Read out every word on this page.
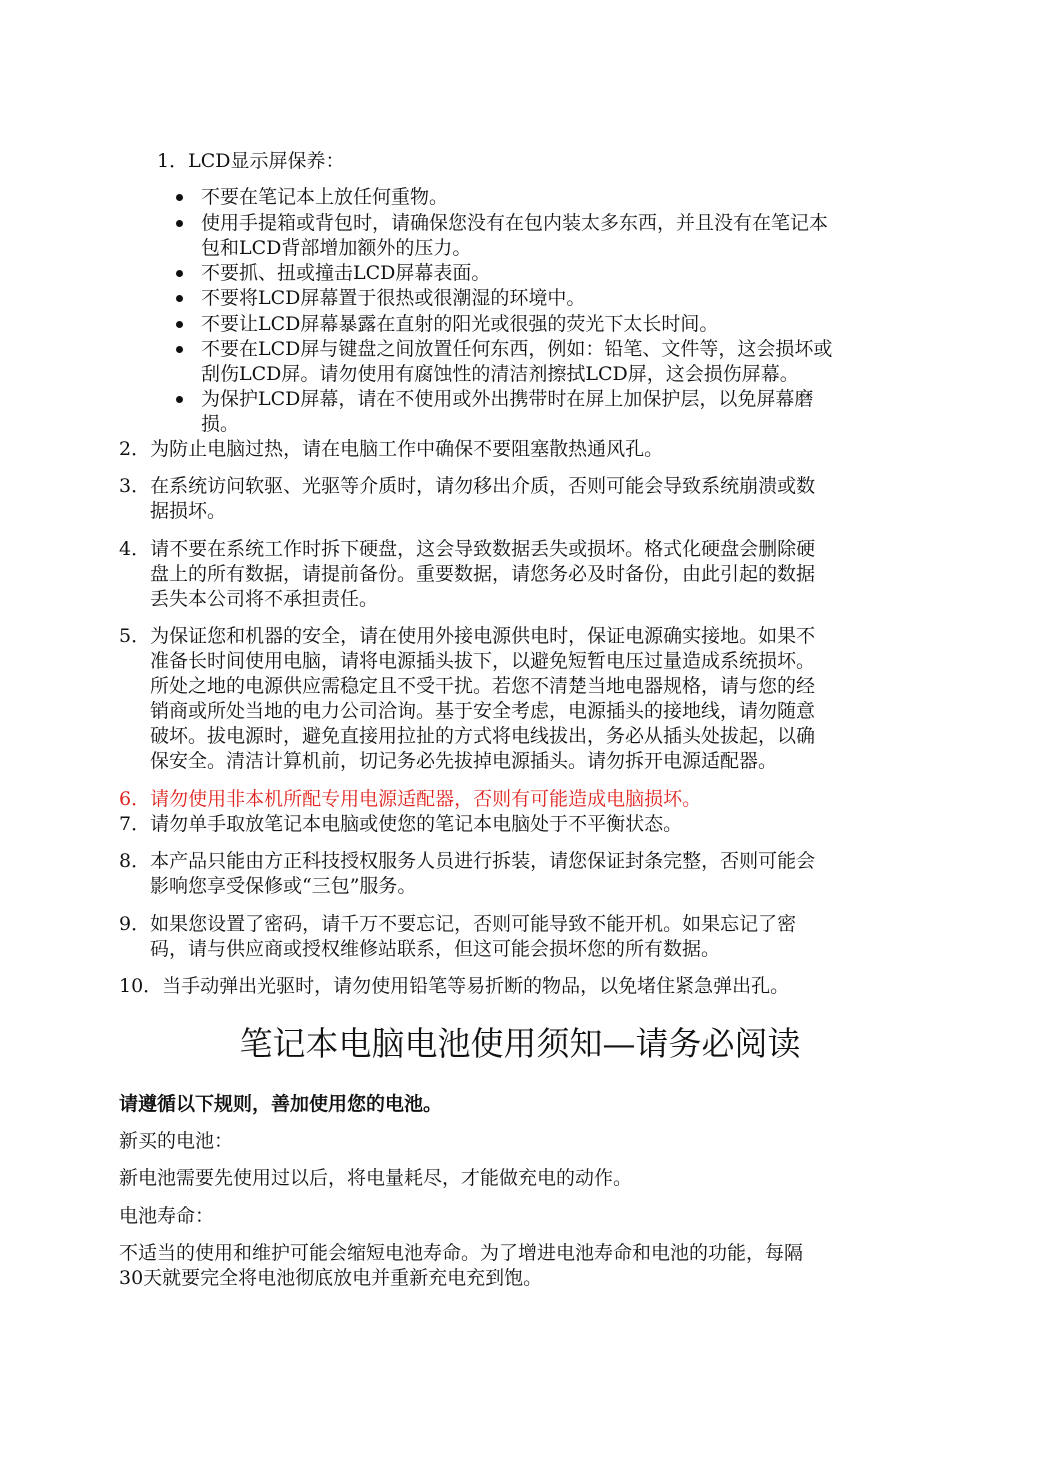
1．LCD显示屏保养：
不要在笔记本上放任何重物。
使用手提箱或背包时，请确保您没有在包内装太多东西，并且没有在笔记本
包和LCD背部增加额外的压力。
不要抓、扭或撞击LCD屏幕表面。
不要将LCD屏幕置于很热或很潮湿的环境中。
不要让LCD屏幕暴露在直射的阳光或很强的荧光下太长时间。
不要在LCD屏与键盘之间放置任何东西，例如：铅笔、文件等，这会损坏或
刮伤LCD屏。请勿使用有腐蚀性的清洁剂擦拭LCD屏，这会损伤屏幕。
为保护LCD屏幕，请在不使用或外出携带时在屏上加保护层，以免屏幕磨
损。
2．为防止电脑过热，请在电脑工作中确保不要阻塞散热通风孔。
3．在系统访问软驱、光驱等介质时，请勿移出介质，否则可能会导致系统崩溃或数
据损坏。
4．请不要在系统工作时拆下硬盘，这会导致数据丢失或损坏。格式化硬盘会删除硬
盘上的所有数据，请提前备份。重要数据，请您务必及时备份，由此引起的数据
丢失本公司将不承担责任。
5．为保证您和机器的安全，请在使用外接电源供电时，保证电源确实接地。如果不
准备长时间使用电脑，请将电源插头拔下，以避免短暂电压过量造成系统损坏。
所处之地的电源供应需稳定且不受干扰。若您不清楚当地电器规格，请与您的经
销商或所处当地的电力公司洽询。基于安全考虑，电源插头的接地线，请勿随意
破坏。拔电源时，避免直接用拉扯的方式将电线拔出，务必从插头处拔起，以确
保安全。清洁计算机前，切记务必先拔掉电源插头。请勿拆开电源适配器。
6．请勿使用非本机所配专用电源适配器，否则有可能造成电脑损坏。
7．请勿单手取放笔记本电脑或使您的笔记本电脑处于不平衡状态。
8．本产品只能由方正科技授权服务人员进行拆装，请您保证封条完整，否则可能会
影响您享受保修或“三包”服务。
9．如果您设置了密码，请千万不要忘记，否则可能导致不能开机。如果忘记了密
码，请与供应商或授权维修站联系，但这可能会损坏您的所有数据。
10．当手动弹出光驱时，请勿使用铅笔等易折断的物品，以免堵住紧急弹出孔。
笔记本电脑电池使用须知—请务必阅读
请遵循以下规则，善加使用您的电池。
新买的电池：
新电池需要先使用过以后，将电量耗尽，才能做充电的动作。
电池寿命：
不适当的使用和维护可能会缩短电池寿命。为了增进电池寿命和电池的功能，每隔
30天就要完全将电池彻底放电并重新充电充到饱。
